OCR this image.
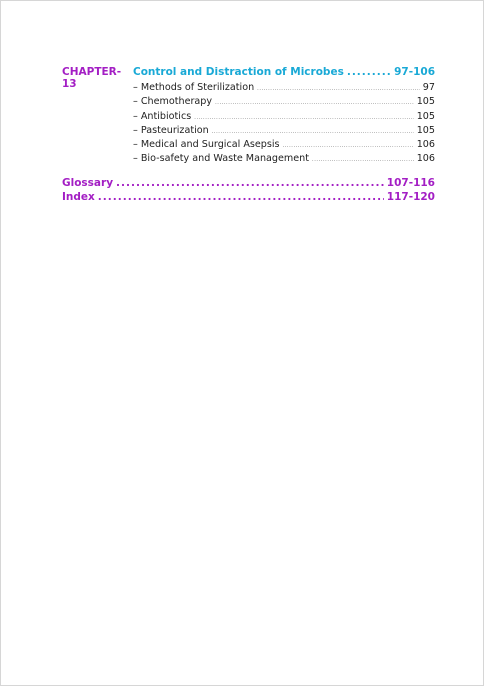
CHAPTER-13
Control and Distraction of Microbes .....	97-106
– Methods of Sterilization .....	97
– Chemotherapy .....	105
– Antibiotics .....	105
– Pasteurization .....	105
– Medical and Surgical Asepsis .....	106
– Bio-safety and Waste Management .....	106
Glossary .....	107-116
Index .....	117-120
